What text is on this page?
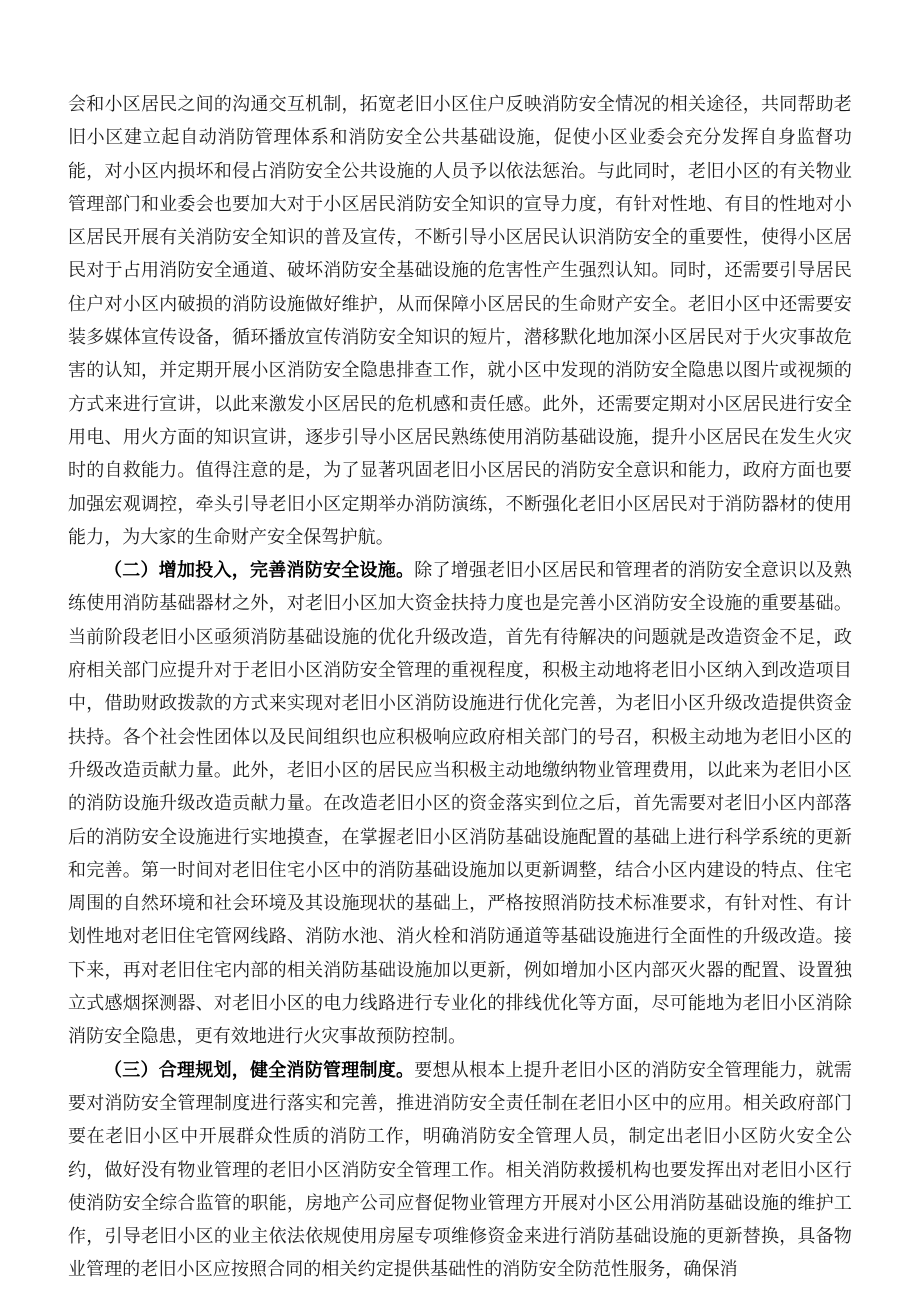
会和小区居民之间的沟通交互机制，拓宽老旧小区住户反映消防安全情况的相关途径，共同帮助老旧小区建立起自动消防管理体系和消防安全公共基础设施，促使小区业委会充分发挥自身监督功能，对小区内损坏和侵占消防安全公共设施的人员予以依法惩治。与此同时，老旧小区的有关物业管理部门和业委会也要加大对于小区居民消防安全知识的宣导力度，有针对性地、有目的性地对小区居民开展有关消防安全知识的普及宣传，不断引导小区居民认识消防安全的重要性，使得小区居民对于占用消防安全通道、破坏消防安全基础设施的危害性产生强烈认知。同时，还需要引导居民住户对小区内破损的消防设施做好维护，从而保障小区居民的生命财产安全。老旧小区中还需要安装多媒体宣传设备，循环播放宣传消防安全知识的短片，潜移默化地加深小区居民对于火灾事故危害的认知，并定期开展小区消防安全隐患排查工作，就小区中发现的消防安全隐患以图片或视频的方式来进行宣讲，以此来激发小区居民的危机感和责任感。此外，还需要定期对小区居民进行安全用电、用火方面的知识宣讲，逐步引导小区居民熟练使用消防基础设施，提升小区居民在发生火灾时的自救能力。值得注意的是，为了显著巩固老旧小区居民的消防安全意识和能力，政府方面也要加强宏观调控，牵头引导老旧小区定期举办消防演练，不断强化老旧小区居民对于消防器材的使用能力，为大家的生命财产安全保驾护航。

（二）增加投入，完善消防安全设施。除了增强老旧小区居民和管理者的消防安全意识以及熟练使用消防基础器材之外，对老旧小区加大资金扶持力度也是完善小区消防安全设施的重要基础。当前阶段老旧小区亟须消防基础设施的优化升级改造，首先有待解决的问题就是改造资金不足，政府相关部门应提升对于老旧小区消防安全管理的重视程度，积极主动地将老旧小区纳入到改造项目中，借助财政拨款的方式来实现对老旧小区消防设施进行优化完善，为老旧小区升级改造提供资金扶持。各个社会性团体以及民间组织也应积极响应政府相关部门的号召，积极主动地为老旧小区的升级改造贡献力量。此外，老旧小区的居民应当积极主动地缴纳物业管理费用，以此来为老旧小区的消防设施升级改造贡献力量。在改造老旧小区的资金落实到位之后，首先需要对老旧小区内部落后的消防安全设施进行实地摸查，在掌握老旧小区消防基础设施配置的基础上进行科学系统的更新和完善。第一时间对老旧住宅小区中的消防基础设施加以更新调整，结合小区内建设的特点、住宅周围的自然环境和社会环境及其设施现状的基础上，严格按照消防技术标准要求，有针对性、有计划性地对老旧住宅管网线路、消防水池、消火栓和消防通道等基础设施进行全面性的升级改造。接下来，再对老旧住宅内部的相关消防基础设施加以更新，例如增加小区内部灭火器的配置、设置独立式感烟探测器、对老旧小区的电力线路进行专业化的排线优化等方面，尽可能地为老旧小区消除消防安全隐患，更有效地进行火灾事故预防控制。

（三）合理规划，健全消防管理制度。要想从根本上提升老旧小区的消防安全管理能力，就需要对消防安全管理制度进行落实和完善，推进消防安全责任制在老旧小区中的应用。相关政府部门要在老旧小区中开展群众性质的消防工作，明确消防安全管理人员，制定出老旧小区防火安全公约，做好没有物业管理的老旧小区消防安全管理工作。相关消防救援机构也要发挥出对老旧小区行使消防安全综合监管的职能，房地产公司应督促物业管理方开展对小区公用消防基础设施的维护工作，引导老旧小区的业主依法依规使用房屋专项维修资金来进行消防基础设施的更新替换，具备物业管理的老旧小区应按照合同的相关约定提供基础性的消防安全防范性服务，确保消
